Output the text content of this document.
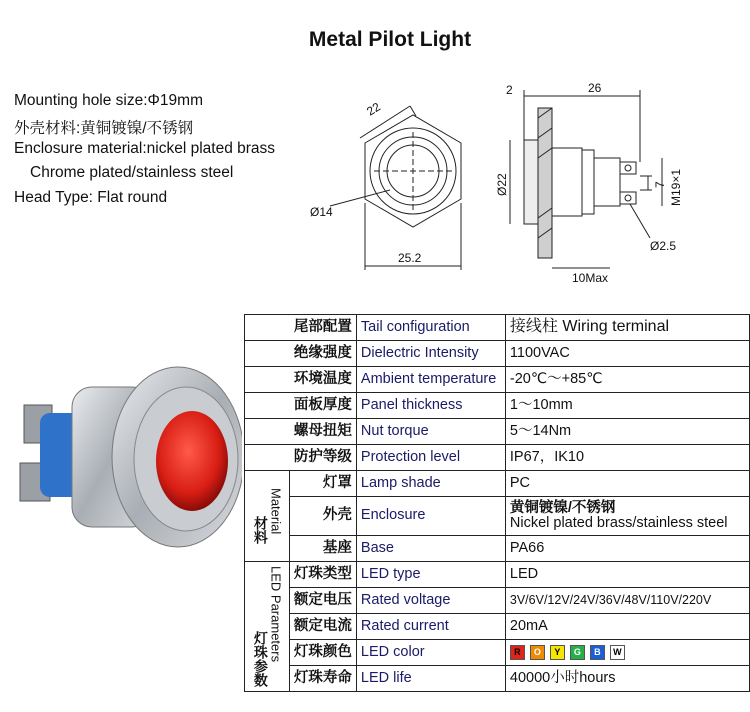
Metal Pilot Light
Mounting hole size:Φ19mm
外壳材料:黄铜镀镍/不锈钢
Enclosure material:nickel plated brass
Chrome plated/stainless steel
Head Type: Flat round
22
Ø14
25.2
2	26
Ø22	M19×1
7
Ø2.5
10Max
尾部配置		Tail configuration	接线柱 Wiring terminal
绝缘强度		Dielectric Intensity	1100VAC
环境温度		Ambient temperature	-20℃～+85℃
面板厚度		Panel thickness	1～10mm
螺母扭矩		Nut torque	5～14Nm
防护等级		Protection level	IP67，IK10
材料Material	灯罩	Lamp shade	PC
	外壳	Enclosure	黄铜镀镍/不锈钢
Nickel plated brass/stainless steel

	基座	Base	PA66
灯珠参数LED Parameters	灯珠类型	LED type	LED
	额定电压	Rated voltage	3V/6V/12V/24V/36V/48V/110V/220V
	额定电流	Rated current	20mA
	灯珠颜色	LED color	R O Y G B W
	灯珠寿命	LED life	40000小时hours
